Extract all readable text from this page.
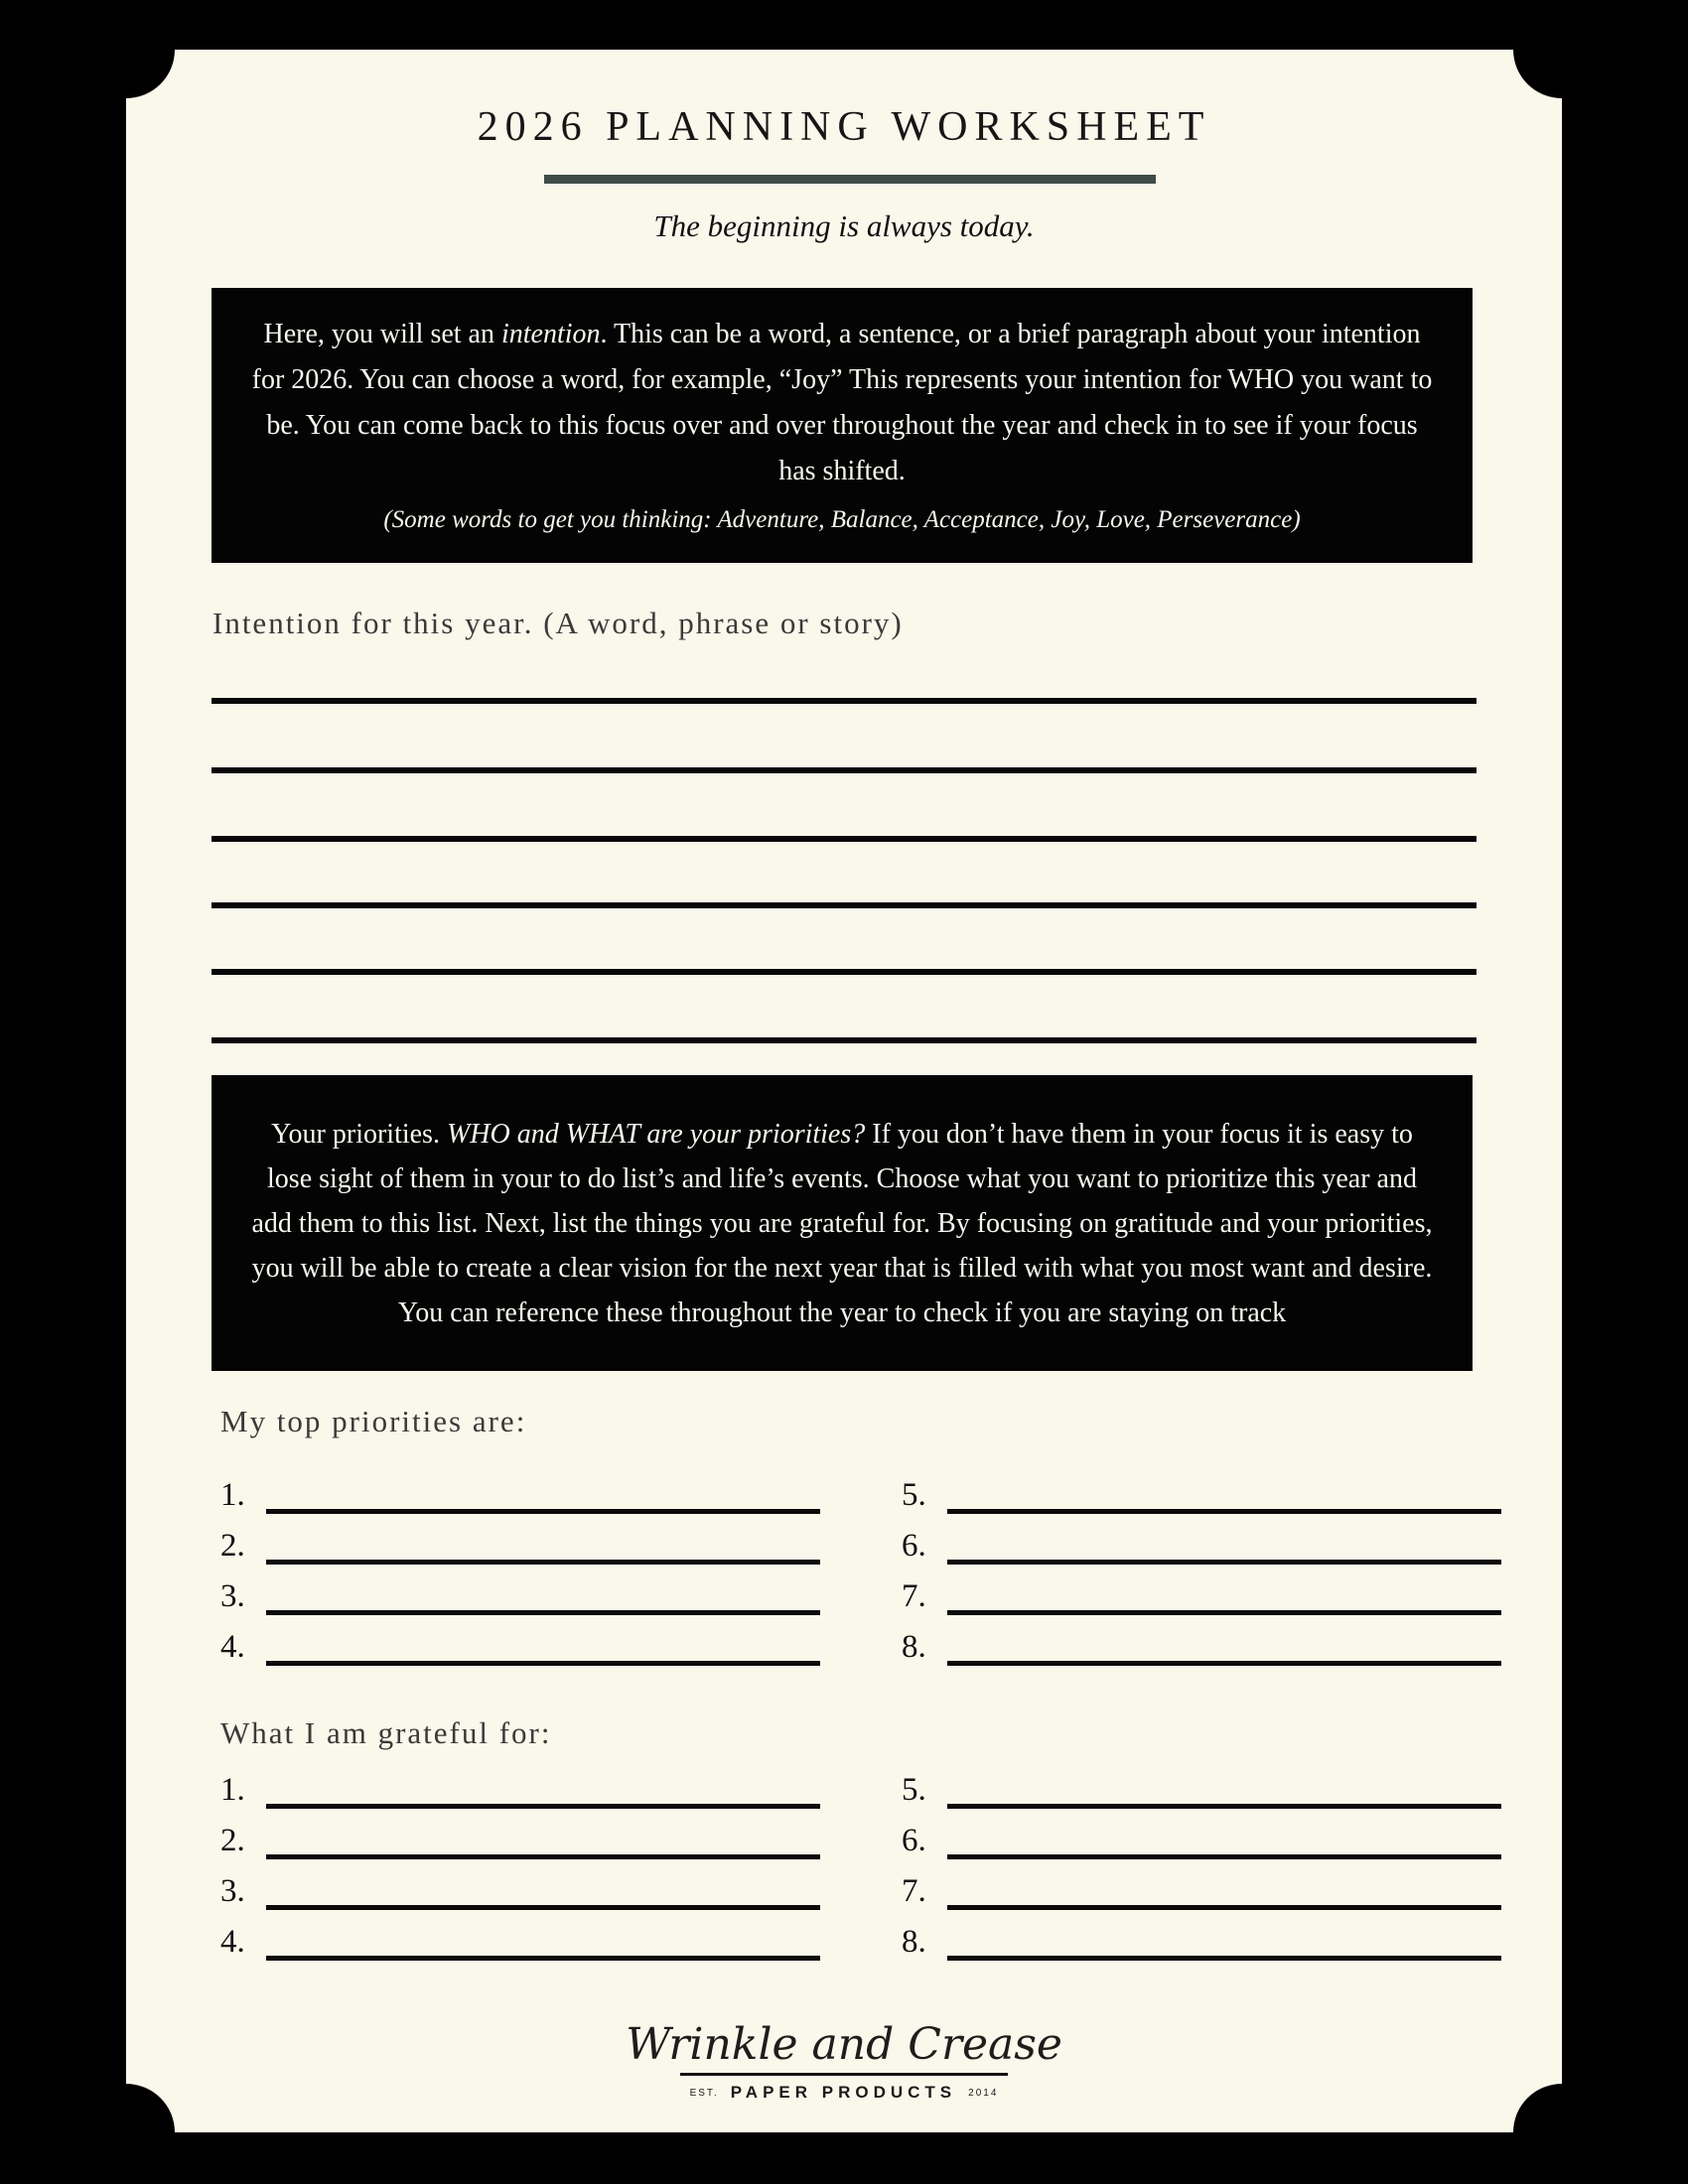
2026 PLANNING WORKSHEET
The beginning is always today.

Here, you will set an intention. This can be a word, a sentence, or a brief paragraph about your intention for 2026. You can choose a word, for example, “Joy” This represents your intention for WHO you want to be. You can come back to this focus over and over throughout the year and check in to see if your focus has shifted.

(Some words to get you thinking: Adventure, Balance, Acceptance, Joy, Love, Perseverance)

Intention for this year. (A word, phrase or story)

Your priorities. WHO and WHAT are your priorities? If you don’t have them in your focus it is easy to lose sight of them in your to do list’s and life’s events. Choose what you want to prioritize this year and add them to this list. Next, list the things you are grateful for. By focusing on gratitude and your priorities, you will be able to create a clear vision for the next year that is filled with what you most want and desire.

You can reference these throughout the year to check if you are staying on track

My top priorities are:
1.
2.
3.
4.
5.
6.
7.
8.
What I am grateful for:
1.
2.
3.
4.
5.
6.
7.
8.
Wrinkle and Crease
EST. PAPER PRODUCTS 2014
